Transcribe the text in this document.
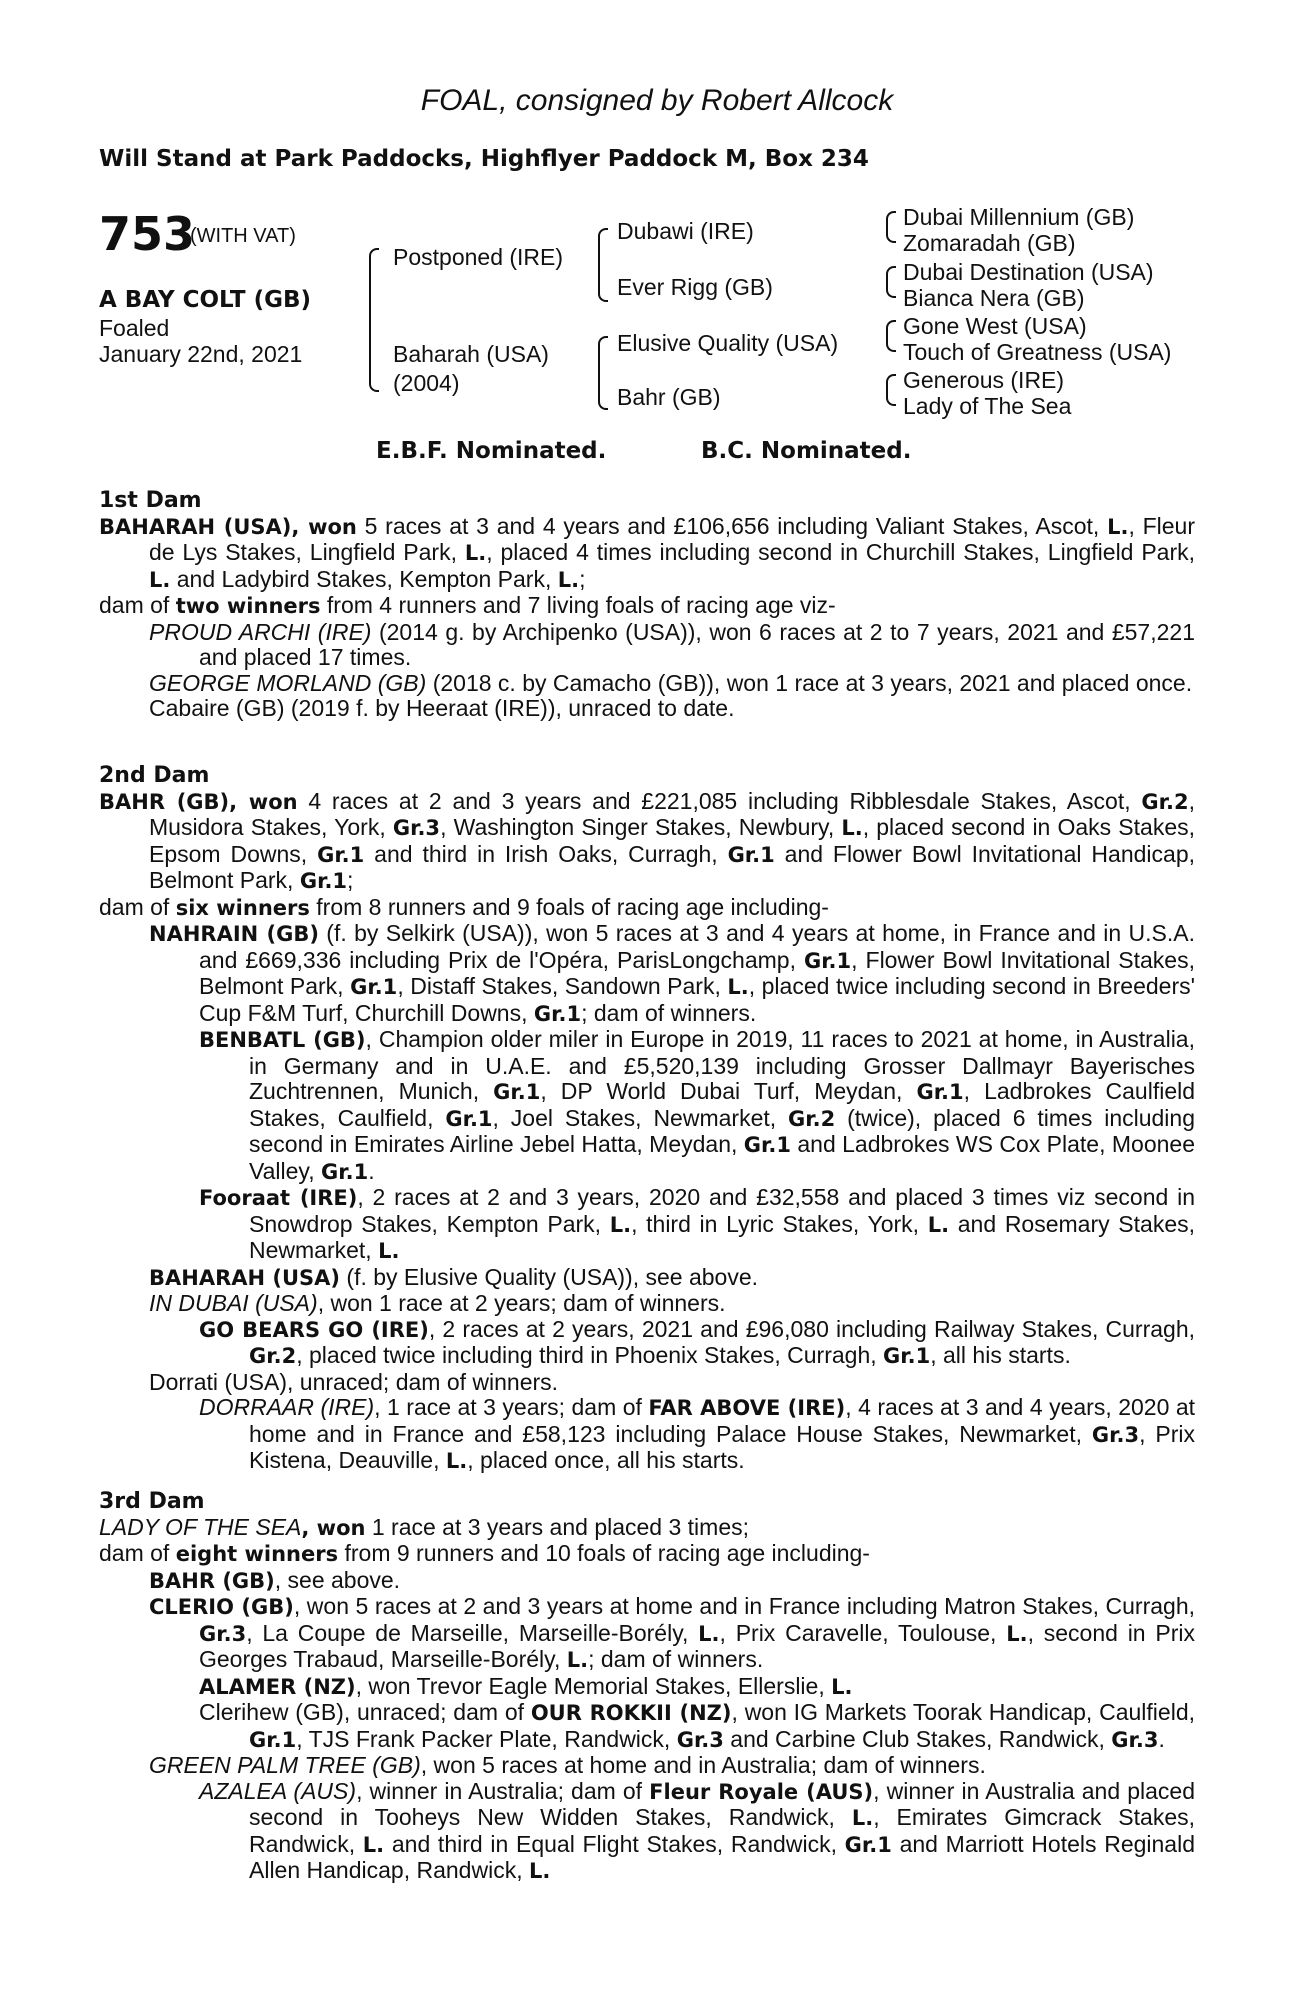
FOAL, consigned by Robert Allcock
Will Stand at Park Paddocks, Highflyer Paddock M, Box 234
753
(WITH VAT)
A BAY COLT (GB)
Foaled
January 22nd, 2021
Postponed (IRE)
Baharah (USA)
(2004)
Dubawi (IRE)
Ever Rigg (GB)
Elusive Quality (USA)
Bahr (GB)
Dubai Millennium (GB)
Zomaradah (GB)
Dubai Destination (USA)
Bianca Nera (GB)
Gone West (USA)
Touch of Greatness (USA)
Generous (IRE)
Lady of The Sea
E.B.F. Nominated.	B.C. Nominated.

1st Dam

BAHARAH (USA), won 5 races at 3 and 4 years and £106,656 including Valiant Stakes, Ascot, L., Fleur de Lys Stakes, Lingfield Park, L., placed 4 times including second in Churchill Stakes, Lingfield Park, L. and Ladybird Stakes, Kempton Park, L.;

dam of two winners from 4 runners and 7 living foals of racing age viz-

PROUD ARCHI (IRE) (2014 g. by Archipenko (USA)), won 6 races at 2 to 7 years, 2021 and £57,221 and placed 17 times.

GEORGE MORLAND (GB) (2018 c. by Camacho (GB)), won 1 race at 3 years, 2021 and placed once.

Cabaire (GB) (2019 f. by Heeraat (IRE)), unraced to date.

2nd Dam

BAHR (GB), won 4 races at 2 and 3 years and £221,085 including Ribblesdale Stakes, Ascot, Gr.2, Musidora Stakes, York, Gr.3, Washington Singer Stakes, Newbury, L., placed second in Oaks Stakes, Epsom Downs, Gr.1 and third in Irish Oaks, Curragh, Gr.1 and Flower Bowl Invitational Handicap, Belmont Park, Gr.1;

dam of six winners from 8 runners and 9 foals of racing age including-

NAHRAIN (GB) (f. by Selkirk (USA)), won 5 races at 3 and 4 years at home, in France and in U.S.A. and £669,336 including Prix de l'Opéra, ParisLongchamp, Gr.1, Flower Bowl Invitational Stakes, Belmont Park, Gr.1, Distaff Stakes, Sandown Park, L., placed twice including second in Breeders' Cup F&M Turf, Churchill Downs, Gr.1; dam of winners.

BENBATL (GB), Champion older miler in Europe in 2019, 11 races to 2021 at home, in Australia, in Germany and in U.A.E. and £5,520,139 including Grosser Dallmayr Bayerisches Zuchtrennen, Munich, Gr.1, DP World Dubai Turf, Meydan, Gr.1, Ladbrokes Caulfield Stakes, Caulfield, Gr.1, Joel Stakes, Newmarket, Gr.2 (twice), placed 6 times including second in Emirates Airline Jebel Hatta, Meydan, Gr.1 and Ladbrokes WS Cox Plate, Moonee Valley, Gr.1.

Fooraat (IRE), 2 races at 2 and 3 years, 2020 and £32,558 and placed 3 times viz second in Snowdrop Stakes, Kempton Park, L., third in Lyric Stakes, York, L. and Rosemary Stakes, Newmarket, L.

BAHARAH (USA) (f. by Elusive Quality (USA)), see above.

IN DUBAI (USA), won 1 race at 2 years; dam of winners.

GO BEARS GO (IRE), 2 races at 2 years, 2021 and £96,080 including Railway Stakes, Curragh, Gr.2, placed twice including third in Phoenix Stakes, Curragh, Gr.1, all his starts.

Dorrati (USA), unraced; dam of winners.

DORRAAR (IRE), 1 race at 3 years; dam of FAR ABOVE (IRE), 4 races at 3 and 4 years, 2020 at home and in France and £58,123 including Palace House Stakes, Newmarket, Gr.3, Prix Kistena, Deauville, L., placed once, all his starts.

3rd Dam

LADY OF THE SEA, won 1 race at 3 years and placed 3 times;

dam of eight winners from 9 runners and 10 foals of racing age including-

BAHR (GB), see above.

CLERIO (GB), won 5 races at 2 and 3 years at home and in France including Matron Stakes, Curragh, Gr.3, La Coupe de Marseille, Marseille-Borély, L., Prix Caravelle, Toulouse, L., second in Prix Georges Trabaud, Marseille-Borély, L.; dam of winners.

ALAMER (NZ), won Trevor Eagle Memorial Stakes, Ellerslie, L.

Clerihew (GB), unraced; dam of OUR ROKKII (NZ), won IG Markets Toorak Handicap, Caulfield, Gr.1, TJS Frank Packer Plate, Randwick, Gr.3 and Carbine Club Stakes, Randwick, Gr.3.

GREEN PALM TREE (GB), won 5 races at home and in Australia; dam of winners.

AZALEA (AUS), winner in Australia; dam of Fleur Royale (AUS), winner in Australia and placed second in Tooheys New Widden Stakes, Randwick, L., Emirates Gimcrack Stakes, Randwick, L. and third in Equal Flight Stakes, Randwick, Gr.1 and Marriott Hotels Reginald Allen Handicap, Randwick, L.
